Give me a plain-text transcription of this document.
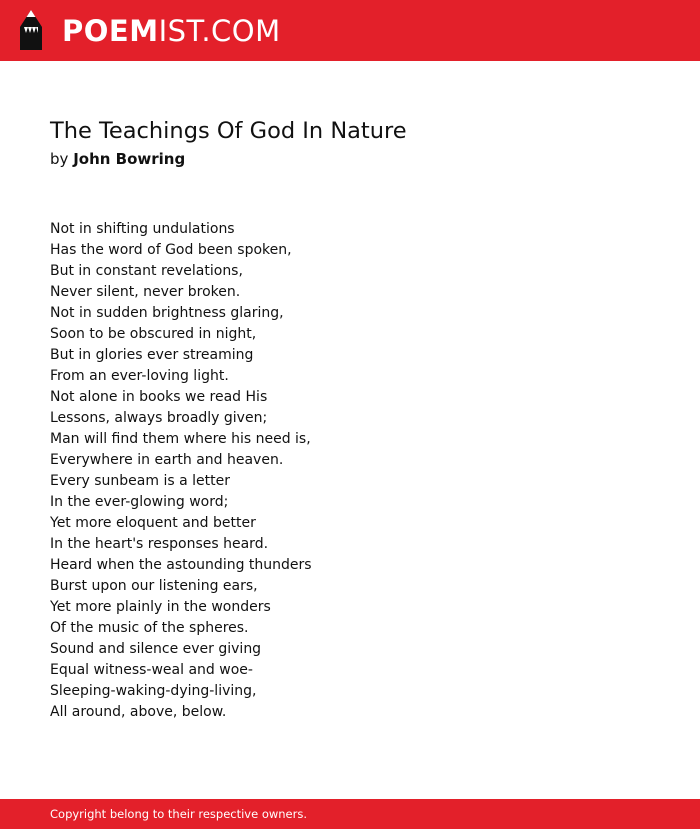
POEMIST.COM
The Teachings Of God In Nature
by John Bowring
Not in shifting undulations
Has the word of God been spoken,
But in constant revelations,
Never silent, never broken.
Not in sudden brightness glaring,
Soon to be obscured in night,
But in glories ever streaming
From an ever-loving light.
Not alone in books we read His
Lessons, always broadly given;
Man will find them where his need is,
Everywhere in earth and heaven.
Every sunbeam is a letter
In the ever-glowing word;
Yet more eloquent and better
In the heart's responses heard.
Heard when the astounding thunders
Burst upon our listening ears,
Yet more plainly in the wonders
Of the music of the spheres.
Sound and silence ever giving
Equal witness-weal and woe-
Sleeping-waking-dying-living,
All around, above, below.
Copyright belong to their respective owners.
